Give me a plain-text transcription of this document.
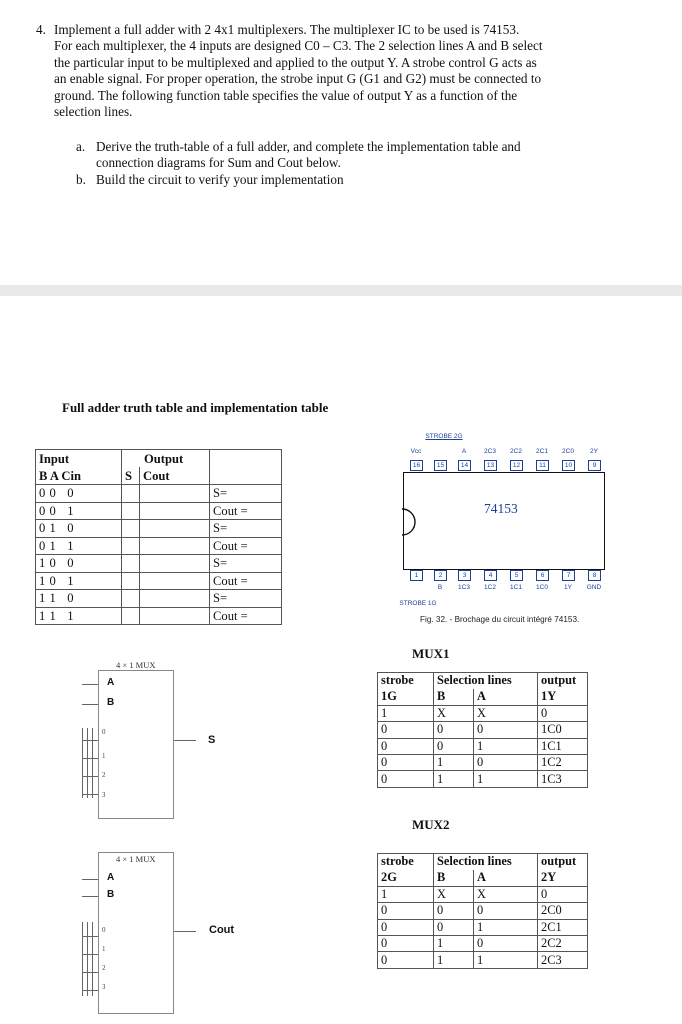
4. Implement a full adder with 2 4x1 multiplexers. The multiplexer IC to be used is 74153.
For each multiplexer, the 4 inputs are designed C0 – C3. The 2 selection lines A and B select
the particular input to be multiplexed and applied to the output Y. A strobe control G acts as
an enable signal. For proper operation, the strobe input G (G1 and G2) must be connected to
ground. The following function table specifies the value of output Y as a function of the
selection lines.
a. Derive the truth-table of a full adder, and complete the implementation table and
connection diagrams for Sum and Cout below.
b. Build the circuit to verify your implementation
Full adder truth table and implementation table
Input	Output		
B A Cin	S	Cout	
0 0   0			S=
0 0   1			Cout =
0 1   0			S=
0 1   1			Cout =
1 0   0			S=
1 0   1			Cout =
1 1   0			S=
1 1   1			Cout =
STROBE 2G
Vcc
16	15
A
14
2C3
13
2C2
12
2C1
11
2C0
10
2Y
9
74153
1	2
B
3
1C3
4
1C2
5
1C1
6
1C0
7
1Y
8
GND
STROBE 1G
Fig. 32. - Brochage du circuit intégré 74153.
4 × 1 MUX
A
B
0
1
2
3
S
4 × 1 MUX
A
B
0
1
2
3
Cout
MUX1
strobe	Selection lines		output
1G	B	A	1Y
1	X	X	0
0	0	0	1C0
0	0	1	1C1
0	1	0	1C2
0	1	1	1C3
MUX2
strobe	Selection lines		output
2G	B	A	2Y
1	X	X	0
0	0	0	2C0
0	0	1	2C1
0	1	0	2C2
0	1	1	2C3
